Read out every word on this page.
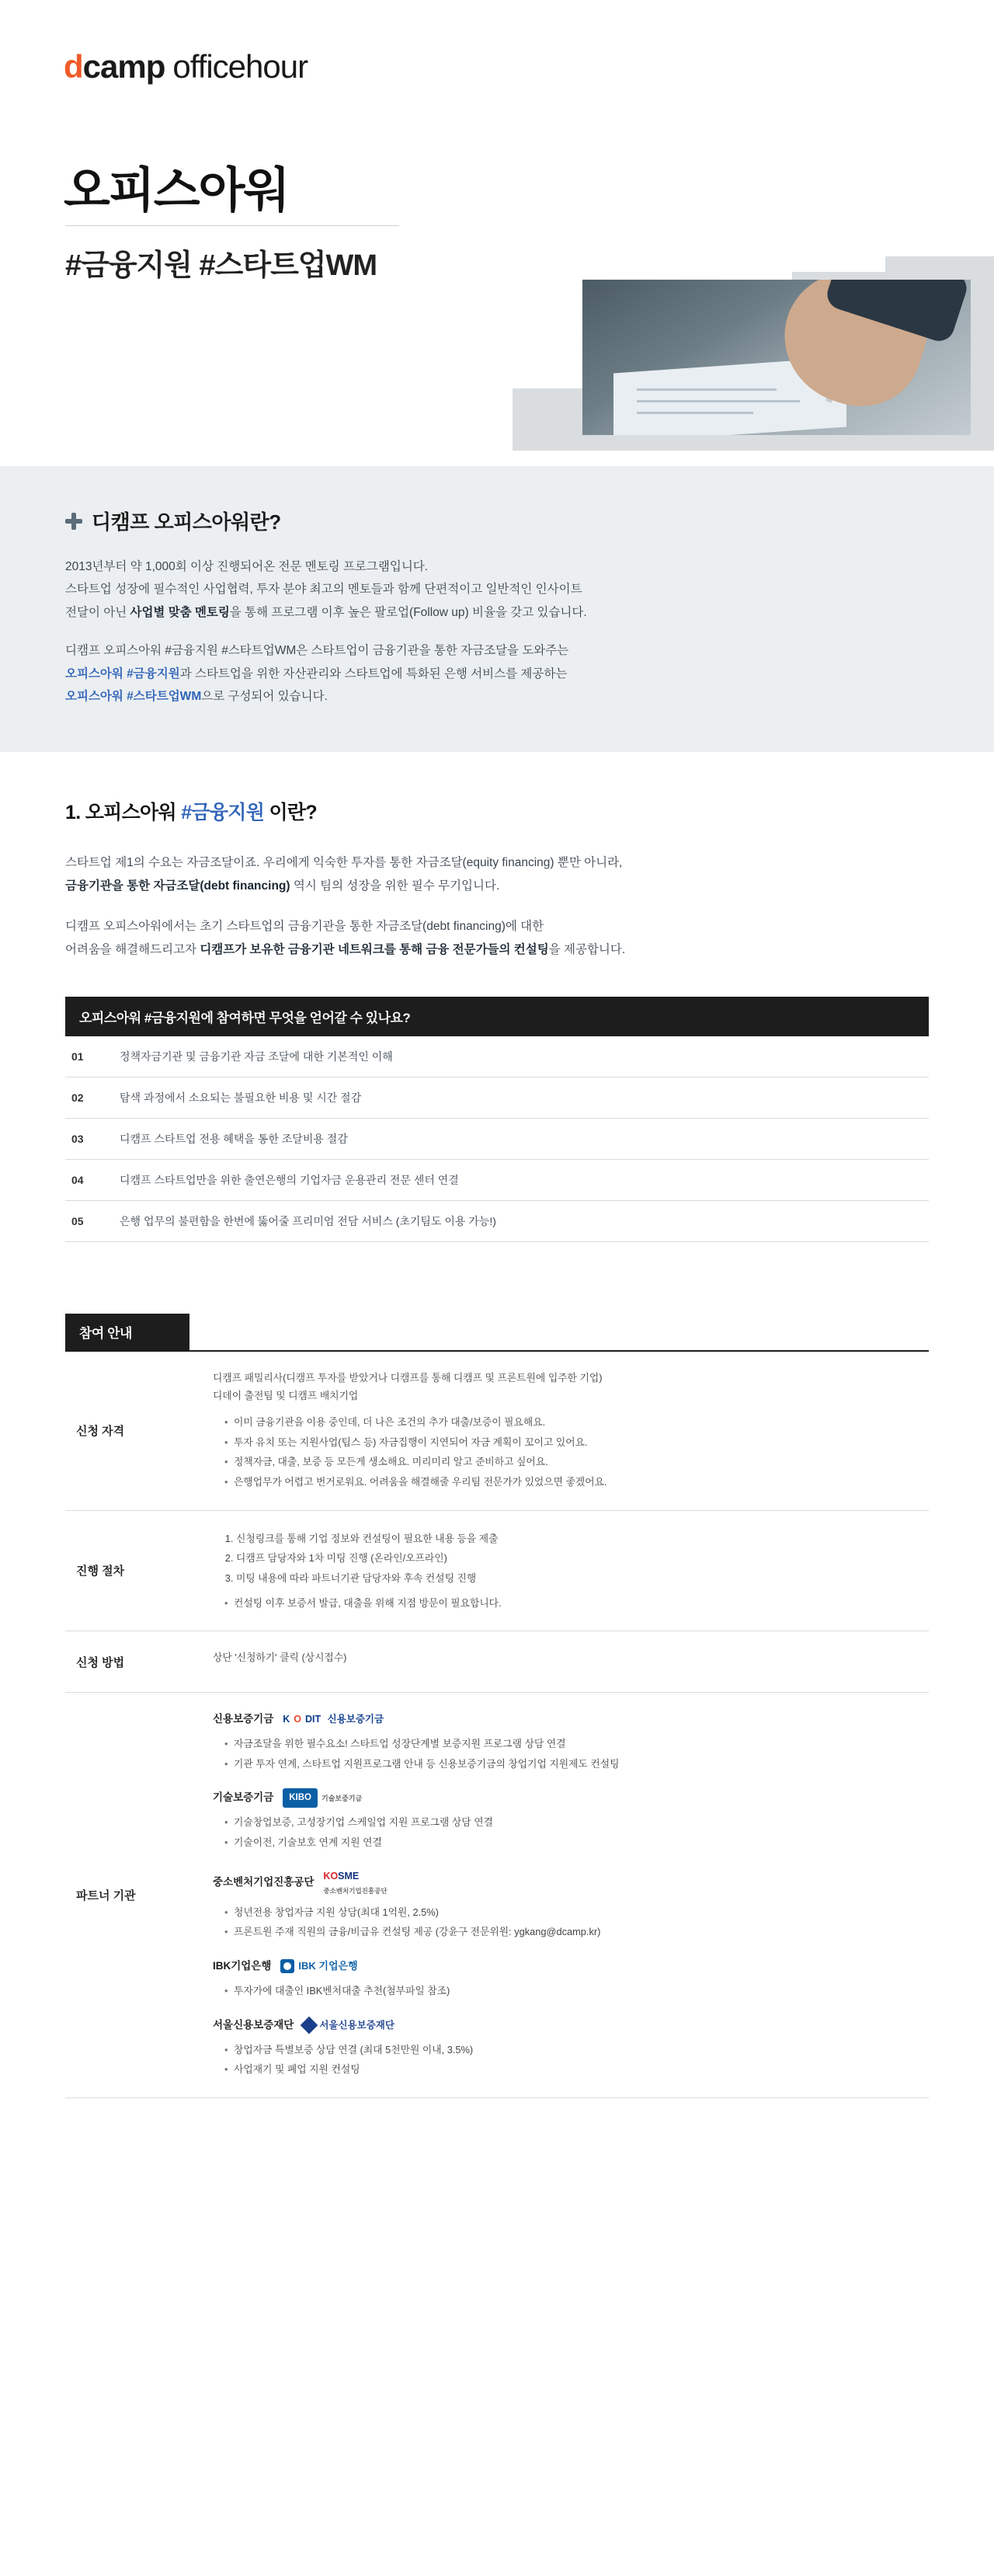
dcamp officehour
오피스아워
#금융지원 #스타트업WM
디캠프 오피스아워란?

2013년부터 약 1,000회 이상 진행되어온 전문 멘토링 프로그램입니다.
스타트업 성장에 필수적인 사업협력, 투자 분야 최고의 멘토들과 함께 단편적이고 일반적인 인사이트
전달이 아닌 사업별 맞춤 멘토링을 통해 프로그램 이후 높은 팔로업(Follow up) 비율을 갖고 있습니다.

디캠프 오피스아워 #금융지원 #스타트업WM은 스타트업이 금융기관을 통한 자금조달을 도와주는
오피스아워 #금융지원과 스타트업을 위한 자산관리와 스타트업에 특화된 은행 서비스를 제공하는
오피스아워 #스타트업WM으로 구성되어 있습니다.

1. 오피스아워 #금융지원 이란?

스타트업 제1의 수요는 자금조달이죠. 우리에게 익숙한 투자를 통한 자금조달(equity financing) 뿐만 아니라,
금융기관을 통한 자금조달(debt financing) 역시 팀의 성장을 위한 필수 무기입니다.

디캠프 오피스아워에서는 초기 스타트업의 금융기관을 통한 자금조달(debt financing)에 대한
어려움을 해결해드리고자 디캠프가 보유한 금융기관 네트워크를 통해 금융 전문가들의 컨설팅을 제공합니다.

오피스아워 #금융지원에 참여하면 무엇을 얻어갈 수 있나요?
01	정책자금기관 및 금융기관 자금 조달에 대한 기본적인 이해
02	탐색 과정에서 소요되는 불필요한 비용 및 시간 절감
03	디캠프 스타트업 전용 혜택을 통한 조달비용 절감
04	디캠프 스타트업만을 위한 출연은행의 기업자금 운용관리 전문 센터 연결
05	은행 업무의 불편함을 한번에 뚫어줄 프리미엄 전담 서비스 (초기팀도 이용 가능!)
참여 안내
신청 자격
디캠프 패밀리사(디캠프 투자를 받았거나 디캠프를 통해 디캠프 및 프론트원에 입주한 기업)
디데이 출전팀 및 디캠프 배치기업
• 이미 금융기관을 이용 중인데, 더 나은 조건의 추가 대출/보증이 필요해요.
• 투자 유치 또는 지원사업(팁스 등) 자금집행이 지연되어 자금 계획이 꼬이고 있어요.
• 정책자금, 대출, 보증 등 모든게 생소해요. 미리미리 알고 준비하고 싶어요.
• 은행업무가 어렵고 번거로워요. 어려움을 해결해줄 우리팀 전문가가 있었으면 좋겠어요.
진행 절차
1. 신청링크를 통해 기업 정보와 컨설팅이 필요한 내용 등을 제출
2. 디캠프 담당자와 1차 미팅 진행 (온라인/오프라인)
3. 미팅 내용에 따라 파트너기관 담당자와 후속 컨설팅 진행
• 컨설팅 이후 보증서 발급, 대출을 위해 지점 방문이 필요합니다.
신청 방법	상단 '신청하기' 클릭 (상시접수)
파트너 기관
신용보증기금 K O DIT 신용보증기금
• 자금조달을 위한 필수요소! 스타트업 성장단계별 보증지원 프로그램 상담 연결
• 기관 투자 연계, 스타트업 지원프로그램 안내 등 신용보증기금의 창업기업 지원제도 컨설팅
기술보증기금	KIBO	기술보증기금
• 기술창업보증, 고성장기업 스케일업 지원 프로그램 상담 연결
• 기술이전, 기술보호 연계 지원 연결
중소벤처기업진흥공단 KOSME
중소벤처기업진흥공단
• 청년전용 창업자금 지원 상담(최대 1억원, 2.5%)
• 프론트원 주재 직원의 금융/비급유 컨설팅 제공 (강윤구 전문위원: ygkang@dcamp.kr)
IBK기업은행	IBK 기업은행
• 투자가에 대출인 IBK벤처대출 추천(첨부파일 참조)
서울신용보증재단	서울신용보증재단
• 창업자금 특별보증 상담 연결 (최대 5천만원 이내, 3.5%)
• 사업재기 및 폐업 지원 컨설팅
